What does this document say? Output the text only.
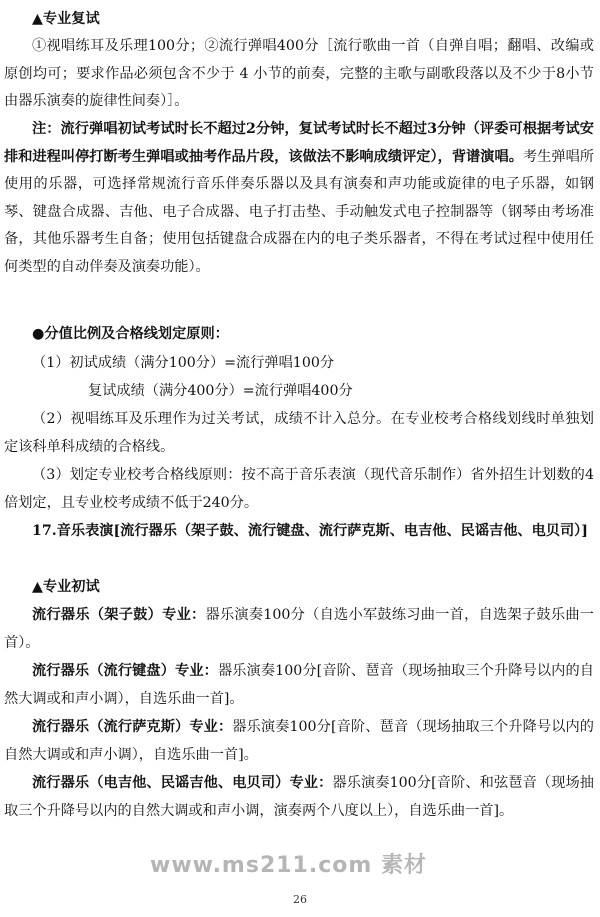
▲专业复试
①视唱练耳及乐理100分；②流行弹唱400分［流行歌曲一首（自弹自唱；翻唱、改编或原创均可；要求作品必须包含不少于 4 小节的前奏，完整的主歌与副歌段落以及不少于8小节由器乐演奏的旋律性间奏）］。
注：流行弹唱初试考试时长不超过2分钟，复试考试时长不超过3分钟（评委可根据考试安排和进程叫停打断考生弹唱或抽考作品片段，该做法不影响成绩评定），背谱演唱。考生弹唱所使用的乐器，可选择常规流行音乐伴奏乐器以及具有演奏和声功能或旋律的电子乐器，如钢琴、键盘合成器、吉他、电子合成器、电子打击垫、手动触发式电子控制器等（钢琴由考场准备，其他乐器考生自备；使用包括键盘合成器在内的电子类乐器者，不得在考试过程中使用任何类型的自动伴奏及演奏功能）。
●分值比例及合格线划定原则：
（1）初试成绩（满分100分）=流行弹唱100分
复试成绩（满分400分）=流行弹唱400分
（2）视唱练耳及乐理作为过关考试，成绩不计入总分。在专业校考合格线划线时单独划定该科单科成绩的合格线。
（3）划定专业校考合格线原则：按不高于音乐表演（现代音乐制作）省外招生计划数的4倍划定，且专业校考成绩不低于240分。
17.音乐表演[流行器乐（架子鼓、流行键盘、流行萨克斯、电吉他、民谣吉他、电贝司）]
▲专业初试
流行器乐（架子鼓）专业：器乐演奏100分（自选小军鼓练习曲一首，自选架子鼓乐曲一首）。
流行器乐（流行键盘）专业：器乐演奏100分[音阶、琶音（现场抽取三个升降号以内的自然大调或和声小调），自选乐曲一首]。
流行器乐（流行萨克斯）专业：器乐演奏100分[音阶、琶音（现场抽取三个升降号以内的自然大调或和声小调），自选乐曲一首]。
流行器乐（电吉他、民谣吉他、电贝司）专业：器乐演奏100分[音阶、和弦琶音（现场抽取三个升降号以内的自然大调或和声小调，演奏两个八度以上），自选乐曲一首]。
www.ms211.com 素材
26
